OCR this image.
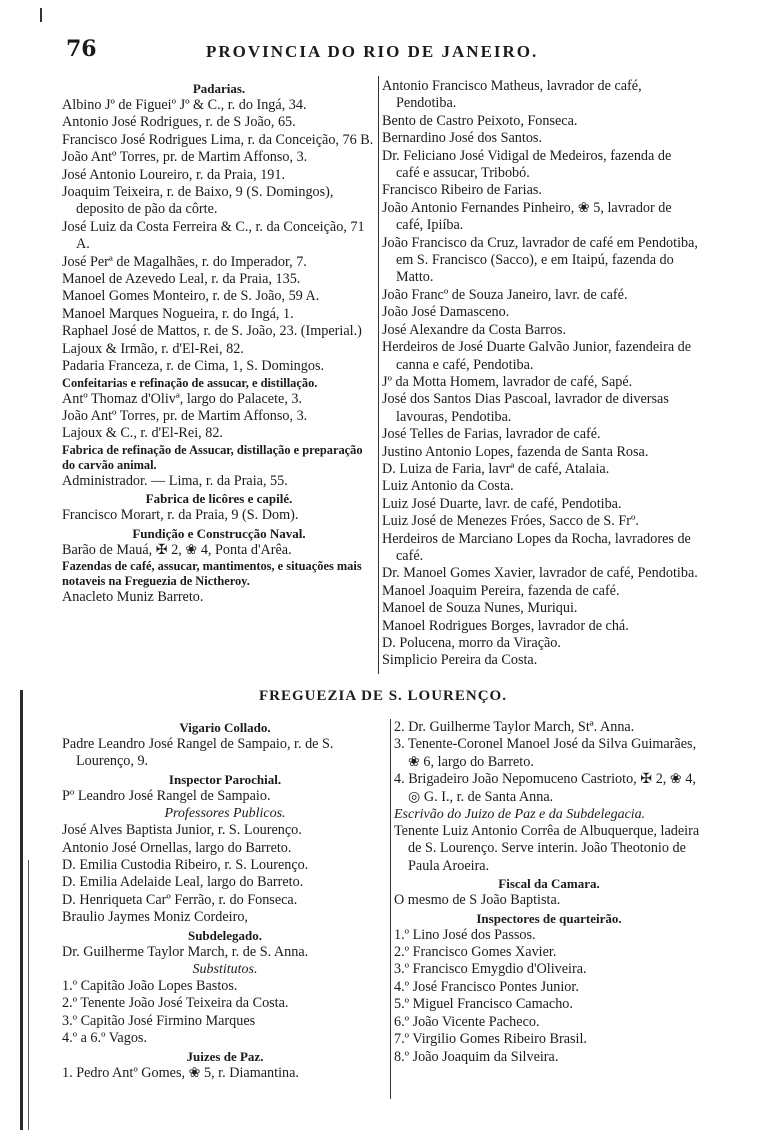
76	PROVINCIA DO RIO DE JANEIRO.

Padarias.

Albino Jº de Figueiº Jº & C., r. do Ingá, 34.

Antonio José Rodrigues, r. de S João, 65.

Francisco José Rodrigues Lima, r. da Conceição, 76 B.

João Antº Torres, pr. de Martim Affonso, 3.

José Antonio Loureiro, r. da Praia, 191.

Joaquim Teixeira, r. de Baixo, 9 (S. Domingos), deposito de pão da côrte.

José Luiz da Costa Ferreira & C., r. da Conceição, 71 A.

José Perª de Magalhães, r. do Imperador, 7.

Manoel de Azevedo Leal, r. da Praia, 135.

Manoel Gomes Monteiro, r. de S. João, 59 A.

Manoel Marques Nogueira, r. do Ingá, 1.

Raphael José de Mattos, r. de S. João, 23. (Imperial.)

Lajoux & Irmão, r. d'El-Rei, 82.

Padaria Franceza, r. de Cima, 1, S. Domingos.

Confeitarias e refinação de assucar, e distillação.

Antº Thomaz d'Olivª, largo do Palacete, 3.

João Antº Torres, pr. de Martim Affonso, 3.

Lajoux & C., r. d'El-Rei, 82.

Fabrica de refinação de Assucar, distillação e preparação do carvão animal.

Administrador. — Lima, r. da Praia, 55.

Fabrica de licôres e capilé.

Francisco Morart, r. da Praia, 9 (S. Dom).

Fundição e Construcção Naval.

Barão de Mauá, ✠ 2, ❀ 4, Ponta d'Arêa.

Fazendas de café, assucar, mantimentos, e situações mais notaveis na Freguezia de Nictheroy.

Anacleto Muniz Barreto.

Antonio Francisco Matheus, lavrador de café, Pendotiba.

Bento de Castro Peixoto, Fonseca.

Bernardino José dos Santos.

Dr. Feliciano José Vidigal de Medeiros, fazenda de café e assucar, Tribobó.

Francisco Ribeiro de Farias.

João Antonio Fernandes Pinheiro, ❀ 5, lavrador de café, Ipiíba.

João Francisco da Cruz, lavrador de café em Pendotiba, em S. Francisco (Sacco), e em Itaipú, fazenda do Matto.

João Francº de Souza Janeiro, lavr. de café.

João José Damasceno.

José Alexandre da Costa Barros.

Herdeiros de José Duarte Galvão Junior, fazendeira de canna e café, Pendotiba.

Jº da Motta Homem, lavrador de café, Sapé.

José dos Santos Dias Pascoal, lavrador de diversas lavouras, Pendotiba.

José Telles de Farias, lavrador de café.

Justino Antonio Lopes, fazenda de Santa Rosa.

D. Luiza de Faria, lavrª de café, Atalaia.

Luiz Antonio da Costa.

Luiz José Duarte, lavr. de café, Pendotiba.

Luiz José de Menezes Fróes, Sacco de S. Frº.

Herdeiros de Marciano Lopes da Rocha, lavradores de café.

Dr. Manoel Gomes Xavier, lavrador de café, Pendotiba.

Manoel Joaquim Pereira, fazenda de café.

Manoel de Souza Nunes, Muriqui.

Manoel Rodrigues Borges, lavrador de chá.

D. Polucena, morro da Viração.

Simplicio Pereira da Costa.

FREGUEZIA DE S. LOURENÇO.

Vigario Collado.

Padre Leandro José Rangel de Sampaio, r. de S. Lourenço, 9.

Inspector Parochial.

Pº Leandro José Rangel de Sampaio.

Professores Publicos.

José Alves Baptista Junior, r. S. Lourenço.

Antonio José Ornellas, largo do Barreto.

D. Emilia Custodia Ribeiro, r. S. Lourenço.

D. Emilia Adelaide Leal, largo do Barreto.

D. Henriqueta Carº Ferrão, r. do Fonseca.

Braulio Jaymes Moniz Cordeiro,

Subdelegado.

Dr. Guilherme Taylor March, r. de S. Anna.

Substitutos.

1.º Capitão João Lopes Bastos.

2.º Tenente João José Teixeira da Costa.

3.º Capitão José Firmino Marques

4.º a 6.º Vagos.

Juizes de Paz.

1. Pedro Antº Gomes, ❀ 5, r. Diamantina.

2. Dr. Guilherme Taylor March, Stª. Anna.

3. Tenente-Coronel Manoel José da Silva Guimarães, ❀ 6, largo do Barreto.

4. Brigadeiro João Nepomuceno Castrioto, ✠ 2, ❀ 4, ◎ G. I., r. de Santa Anna.

Escrivão do Juizo de Paz e da Subdelegacia.

Tenente Luiz Antonio Corrêa de Albuquerque, ladeira de S. Lourenço. Serve interin. João Theotonio de Paula Aroeira.

Fiscal da Camara.

O mesmo de S João Baptista.

Inspectores de quarteirão.

1.º Lino José dos Passos.

2.º Francisco Gomes Xavier.

3.º Francisco Emygdio d'Oliveira.

4.º José Francisco Pontes Junior.

5.º Miguel Francisco Camacho.

6.º João Vicente Pacheco.

7.º Virgilio Gomes Ribeiro Brasil.

8.º João Joaquim da Silveira.
